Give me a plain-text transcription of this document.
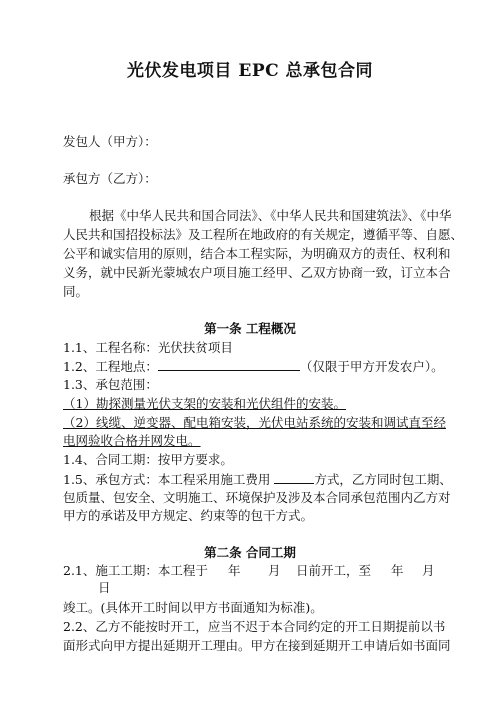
光伏发电项目 EPC 总承包合同
发包人（甲方）：
承包方（乙方）：
根据《中华人民共和国合同法》、《中华人民共和国建筑法》、《中华
人民共和国招投标法》及工程所在地政府的有关规定，遵循平等、自愿、
公平和诚实信用的原则，结合本工程实际，为明确双方的责任、权利和
义务，就中民新光蒙城农户项目施工经甲、乙双方协商一致，订立本合
同。
第一条 工程概况
1.1、工程名称：光伏扶贫项目
1.2、工程地点：	（仅限于甲方开发农户）。
1.3、承包范围：
（1）勘探测量光伏支架的安装和光伏组件的安装。
（2）线缆、逆变器、配电箱安装，光伏电站系统的安装和调试直至经
电网验收合格并网发电。
1.4、合同工期：按甲方要求。
1.5、承包方式：本工程采用施工费用	方式，乙方同时包工期、
包质量、包安全、文明施工、环境保护及涉及本合同承包范围内乙方对
甲方的承诺及甲方规定、约束等的包干方式。
第二条 合同工期
2.1、施工工期：本工程于 年 月 日前开工，至 年 月
日
竣工。(具体开工时间以甲方书面通知为标准)。
2.2、乙方不能按时开工，应当不迟于本合同约定的开工日期提前以书
面形式向甲方提出延期开工理由。甲方在接到延期开工申请后如书面同
